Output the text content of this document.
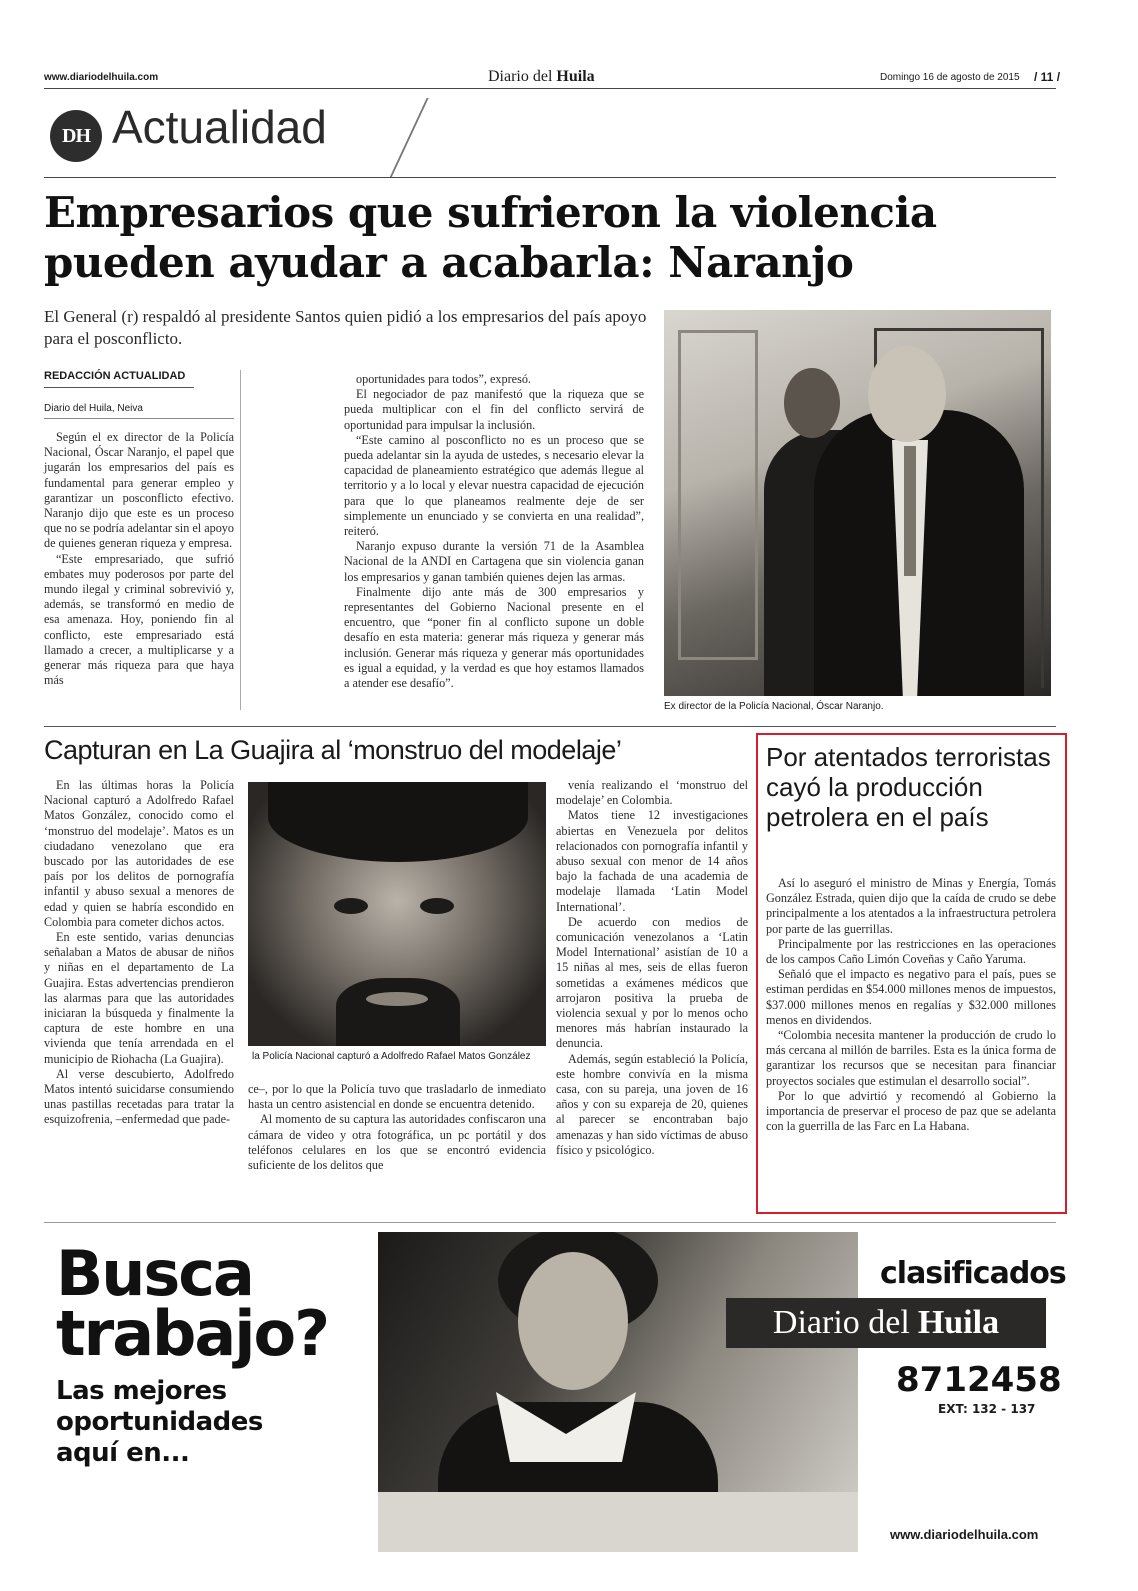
www.diariodelhuila.com	Diario del Huila	Domingo 16 de agosto de 2015 / 11 /
DH Actualidad
Empresarios que sufrieron la violencia pueden ayudar a acabarla: Naranjo
El General (r) respaldó al presidente Santos quien pidió a los empresarios del país apoyo para el posconflicto.
REDACCIÓN ACTUALIDAD
Diario del Huila, Neiva

Según el ex director de la Policía Nacional, Óscar Naranjo, el papel que jugarán los empresarios del país es fundamental para generar empleo y garantizar un posconflicto efectivo. Naranjo dijo que este es un proceso que no se podría adelantar sin el apoyo de quienes generan riqueza y empresa.

“Este empresariado, que sufrió embates muy poderosos por parte del mundo ilegal y criminal sobrevivió y, además, se transformó en medio de esa amenaza. Hoy, poniendo fin al conflicto, este empresariado está llamado a crecer, a multiplicarse y a generar más riqueza para que haya más

oportunidades para todos”, expresó.

El negociador de paz manifestó que la riqueza que se pueda multiplicar con el fin del conflicto servirá de oportunidad para impulsar la inclusión.

“Este camino al posconflicto no es un proceso que se pueda adelantar sin la ayuda de ustedes, s necesario elevar la capacidad de planeamiento estratégico que además llegue al territorio y a lo local y elevar nuestra capacidad de ejecución para que lo que planeamos realmente deje de ser simplemente un enunciado y se convierta en una realidad”, reiteró.

Naranjo expuso durante la versión 71 de la Asamblea Nacional de la ANDI en Cartagena que sin violencia ganan los empresarios y ganan también quienes dejen las armas.

Finalmente dijo ante más de 300 empresarios y representantes del Gobierno Nacional presente en el encuentro, que “poner fin al conflicto supone un doble desafío en esta materia: generar más riqueza y generar más inclusión. Generar más riqueza y generar más oportunidades es igual a equidad, y la verdad es que hoy estamos llamados a atender ese desafío”.

Ex director de la Policía Nacional, Óscar Naranjo.
Capturan en La Guajira al ‘monstruo del modelaje’

En las últimas horas la Policía Nacional capturó a Adolfredo Rafael Matos González, conocido como el ‘monstruo del modelaje’. Matos es un ciudadano venezolano que era buscado por las autoridades de ese país por los delitos de pornografía infantil y abuso sexual a menores de edad y quien se habría escondido en Colombia para cometer dichos actos.

En este sentido, varias denuncias señalaban a Matos de abusar de niños y niñas en el departamento de La Guajira. Estas advertencias prendieron las alarmas para que las autoridades iniciaran la búsqueda y finalmente la captura de este hombre en una vivienda que tenía arrendada en el municipio de Riohacha (La Guajira).

Al verse descubierto, Adolfredo Matos intentó suicidarse consumiendo unas pastillas recetadas para tratar la esquizofrenia, –enfermedad que pade-

la Policía Nacional capturó a Adolfredo Rafael Matos González

ce–, por lo que la Policía tuvo que trasladarlo de inmediato hasta un centro asistencial en donde se encuentra detenido.

Al momento de su captura las autoridades confiscaron una cámara de video y otra fotográfica, un pc portátil y dos teléfonos celulares en los que se encontró evidencia suficiente de los delitos que

venía realizando el ‘monstruo del modelaje’ en Colombia.

Matos tiene 12 investigaciones abiertas en Venezuela por delitos relacionados con pornografía infantil y abuso sexual con menor de 14 años bajo la fachada de una academia de modelaje llamada ‘Latin Model International’.

De acuerdo con medios de comunicación venezolanos a ‘Latin Model International’ asistían de 10 a 15 niñas al mes, seis de ellas fueron sometidas a exámenes médicos que arrojaron positiva la prueba de violencia sexual y por lo menos ocho menores más habrían instaurado la denuncia.

Además, según estableció la Policía, este hombre convivía en la misma casa, con su pareja, una joven de 16 años y con su expareja de 20, quienes al parecer se encontraban bajo amenazas y han sido víctimas de abuso físico y psicológico.

Por atentados terroristas cayó la producción petrolera en el país

Así lo aseguró el ministro de Minas y Energía, Tomás González Estrada, quien dijo que la caída de crudo se debe principalmente a los atentados a la infraestructura petrolera por parte de las guerrillas.

Principalmente por las restricciones en las operaciones de los campos Caño Limón Coveñas y Caño Yaruma.

Señaló que el impacto es negativo para el país, pues se estiman perdidas en $54.000 millones menos de impuestos, $37.000 millones menos en regalías y $32.000 millones menos en dividendos.

“Colombia necesita mantener la producción de crudo lo más cercana al millón de barriles. Esta es la única forma de garantizar los recursos que se necesitan para financiar proyectos sociales que estimulan el desarrollo social”.

Por lo que advirtió y recomendó al Gobierno la importancia de preservar el proceso de paz que se adelanta con la guerrilla de las Farc en La Habana.

Busca
trabajo?
Las mejores
oportunidades
aquí en...
clasificados
Diario del Huila
8712458
EXT: 132 - 137
www.diariodelhuila.com
